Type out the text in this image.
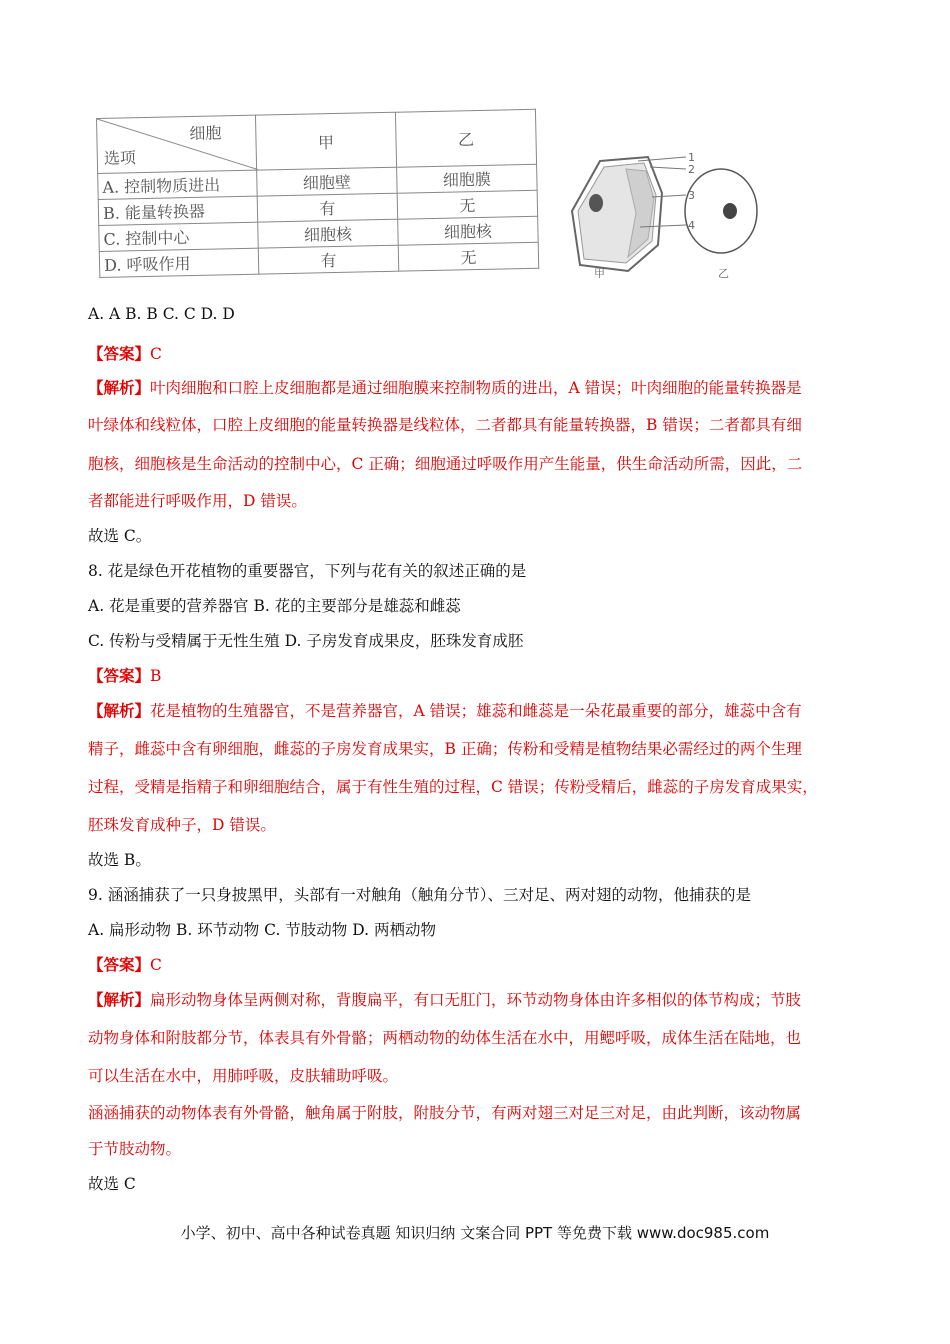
细胞
选项	甲	乙
A. 控制物质进出	细胞壁	细胞膜
B. 能量转换器	有	无
C. 控制中心	细胞核	细胞核
D. 呼吸作用	有	无
1
2
3
4
甲	乙
A. A B. B C. C D. D
【答案】C
【解析】叶肉细胞和口腔上皮细胞都是通过细胞膜来控制物质的进出，A 错误；叶肉细胞的能量转换器是
叶绿体和线粒体，口腔上皮细胞的能量转换器是线粒体，二者都具有能量转换器，B 错误；二者都具有细
胞核，细胞核是生命活动的控制中心，C 正确；细胞通过呼吸作用产生能量，供生命活动所需，因此，二
者都能进行呼吸作用，D 错误。
故选 C。
8. 花是绿色开花植物的重要器官，下列与花有关的叙述正确的是
A. 花是重要的营养器官 B. 花的主要部分是雄蕊和雌蕊
C. 传粉与受精属于无性生殖 D. 子房发育成果皮，胚珠发育成胚
【答案】B
【解析】花是植物的生殖器官，不是营养器官，A 错误；雄蕊和雌蕊是一朵花最重要的部分，雄蕊中含有
精子，雌蕊中含有卵细胞，雌蕊的子房发育成果实，B 正确；传粉和受精是植物结果必需经过的两个生理
过程，受精是指精子和卵细胞结合，属于有性生殖的过程，C 错误；传粉受精后，雌蕊的子房发育成果实，
胚珠发育成种子，D 错误。
故选 B。
9. 涵涵捕获了一只身披黑甲，头部有一对触角（触角分节）、三对足、两对翅的动物，他捕获的是
A. 扁形动物 B. 环节动物 C. 节肢动物 D. 两栖动物
【答案】C
【解析】扁形动物身体呈两侧对称，背腹扁平，有口无肛门，环节动物身体由许多相似的体节构成；节肢
动物身体和附肢都分节，体表具有外骨骼；两栖动物的幼体生活在水中，用鳃呼吸，成体生活在陆地，也
可以生活在水中，用肺呼吸，皮肤辅助呼吸。
涵涵捕获的动物体表有外骨骼，触角属于附肢，附肢分节，有两对翅三对足三对足，由此判断，该动物属
于节肢动物。
故选 C
小学、初中、高中各种试卷真题 知识归纳 文案合同 PPT 等免费下载 www.doc985.com
